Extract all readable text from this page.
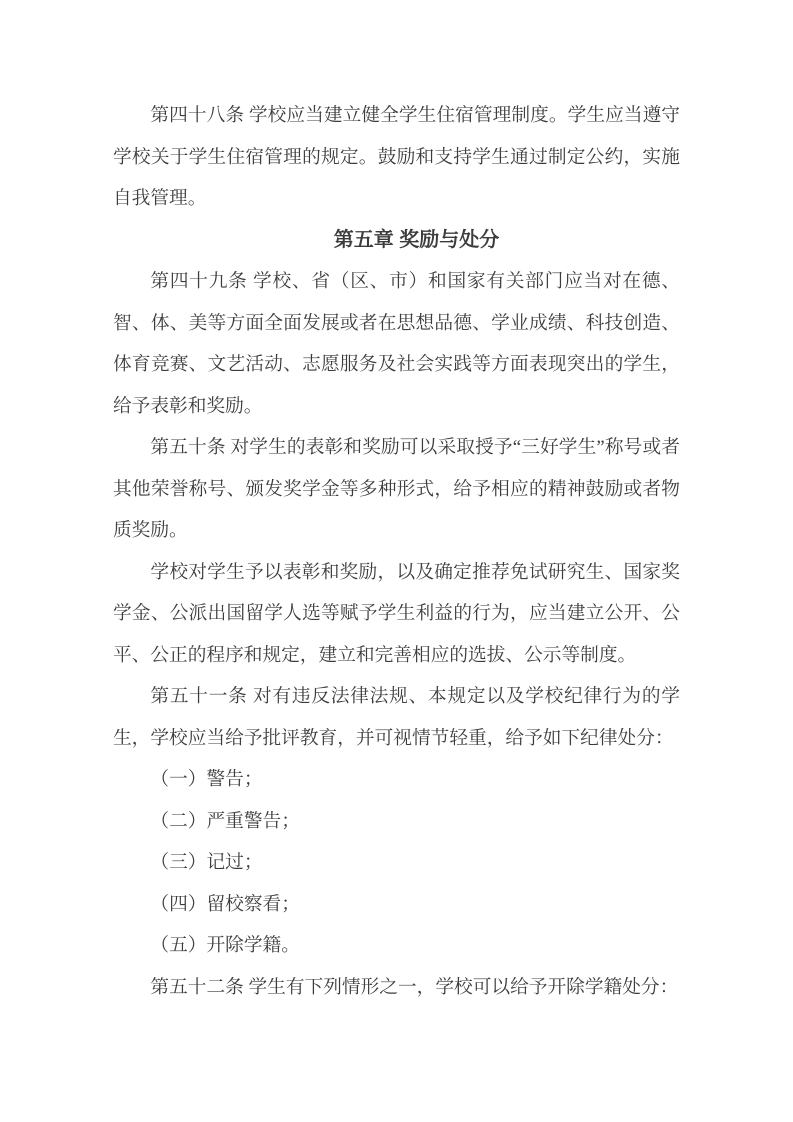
第四十八条 学校应当建立健全学生住宿管理制度。学生应当遵守学校关于学生住宿管理的规定。鼓励和支持学生通过制定公约，实施自我管理。

第五章 奖励与处分

第四十九条 学校、省（区、市）和国家有关部门应当对在德、智、体、美等方面全面发展或者在思想品德、学业成绩、科技创造、体育竞赛、文艺活动、志愿服务及社会实践等方面表现突出的学生，给予表彰和奖励。

第五十条 对学生的表彰和奖励可以采取授予“三好学生”称号或者其他荣誉称号、颁发奖学金等多种形式，给予相应的精神鼓励或者物质奖励。

学校对学生予以表彰和奖励，以及确定推荐免试研究生、国家奖学金、公派出国留学人选等赋予学生利益的行为，应当建立公开、公平、公正的程序和规定，建立和完善相应的选拔、公示等制度。

第五十一条 对有违反法律法规、本规定以及学校纪律行为的学生，学校应当给予批评教育，并可视情节轻重，给予如下纪律处分：

（一）警告；

（二）严重警告；

（三）记过；

（四）留校察看；

（五）开除学籍。

第五十二条 学生有下列情形之一，学校可以给予开除学籍处分：
